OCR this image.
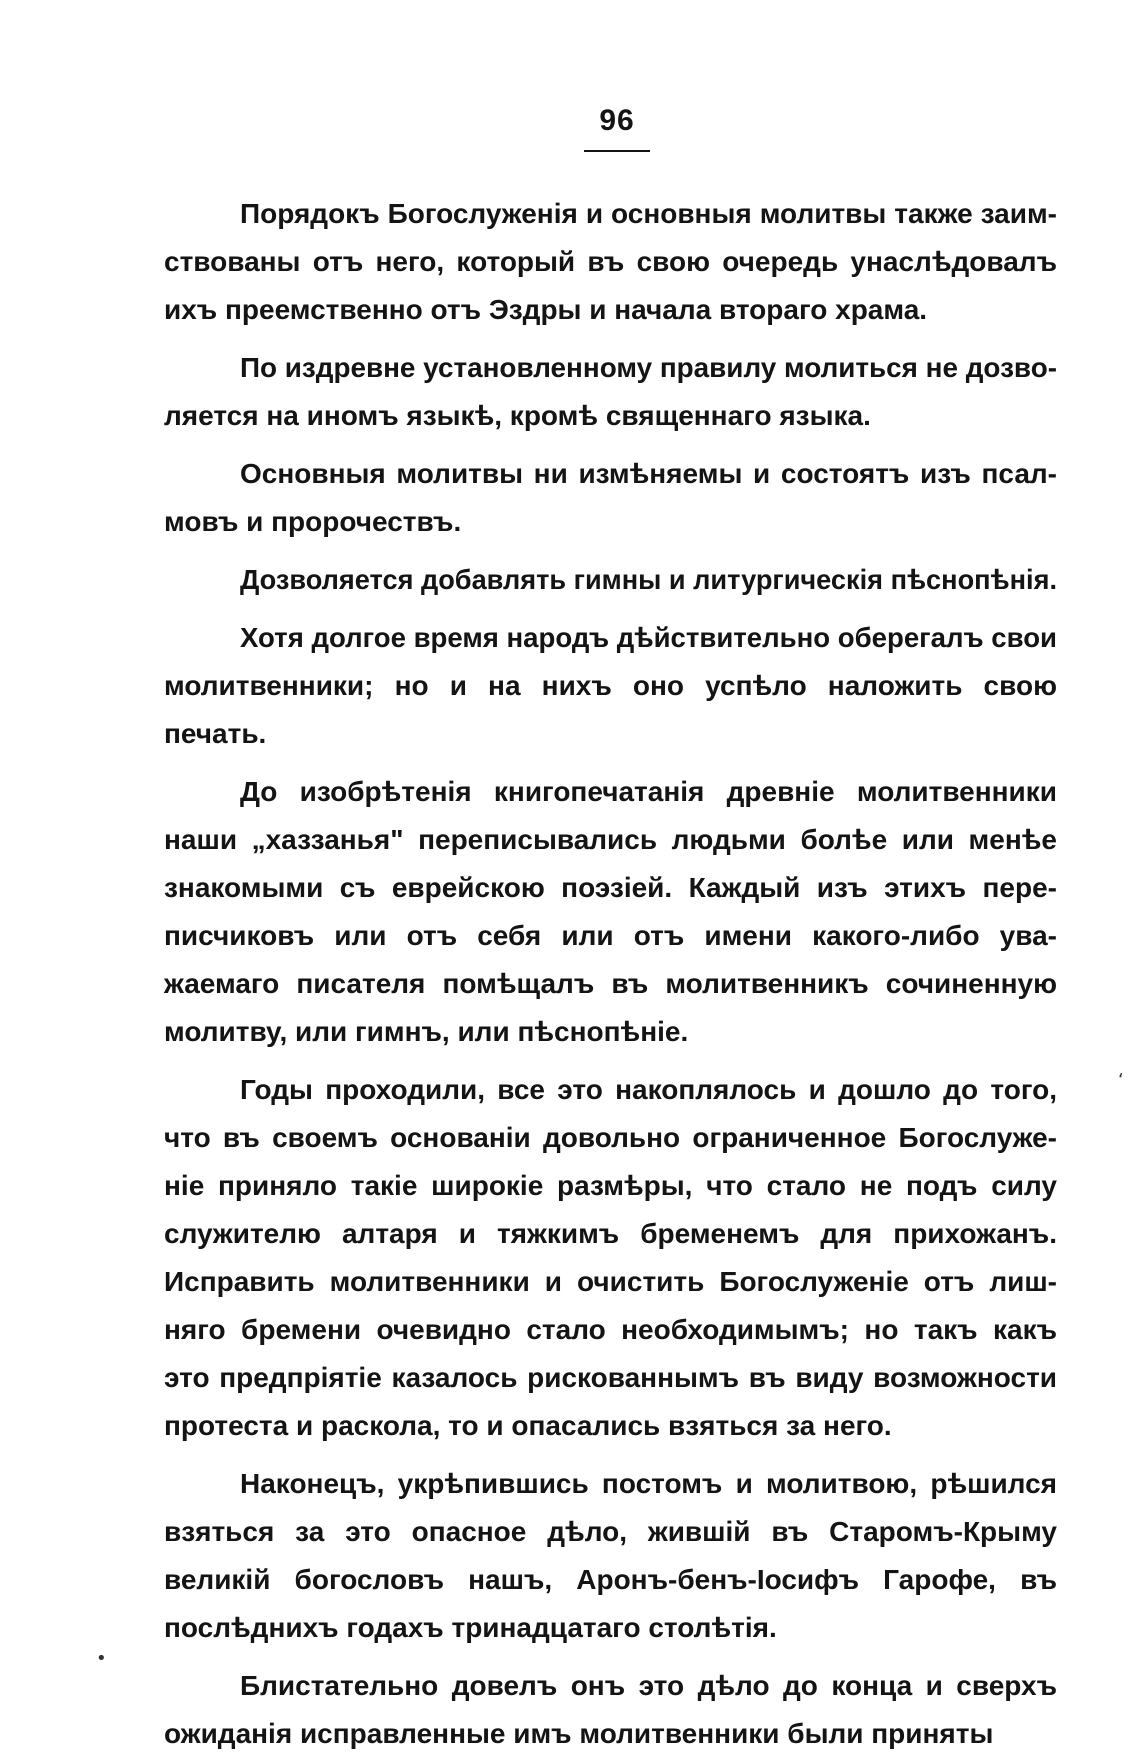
96
Порядокъ Богослуженія и основныя молитвы также заим-
ствованы отъ него, который въ свою очередь унаслѣдовалъ
ихъ преемственно отъ Эздры и начала втораго храма.
По издревне установленному правилу молиться не дозво-
ляется на иномъ языкѣ, кромѣ священнаго языка.
Основныя молитвы ни измѣняемы и состоятъ изъ псал-
мовъ и пророчествъ.
Дозволяется добавлять гимны и литургическія пѣснопѣнія.
Хотя долгое время народъ дѣйствительно оберегалъ свои
молитвенники; но и на нихъ оно успѣло наложить свою
печать.
До изобрѣтенія книгопечатанія древніе молитвенники
наши „хаззанья" переписывались людьми болѣе или менѣе
знакомыми съ еврейскою поэзіей. Каждый изъ этихъ пере-
писчиковъ или отъ себя или отъ имени какого-либо ува-
жаемаго писателя помѣщалъ въ молитвенникъ сочиненную
молитву, или гимнъ, или пѣснопѣніе.
Годы проходили, все это накоплялось и дошло до того,
что въ своемъ основаніи довольно ограниченное Богослуже-
ніе приняло такіе широкіе размѣры, что стало не подъ силу
служителю алтаря и тяжкимъ бременемъ для прихожанъ.
Исправить молитвенники и очистить Богослуженіе отъ лиш-
няго бремени очевидно стало необходимымъ; но такъ какъ
это предпріятіе казалось рискованнымъ въ виду возможности
протеста и раскола, то и опасались взяться за него.
Наконецъ, укрѣпившись постомъ и молитвою, рѣшился
взяться за это опасное дѣло, жившій въ Старомъ-Крыму
великій богословъ нашъ, Аронъ-бенъ-Іосифъ Гарофе, въ
послѣднихъ годахъ тринадцатаго столѣтія.
Блистательно довелъ онъ это дѣло до конца и сверхъ
ожиданія исправленные имъ молитвенники были приняты
‘
•
